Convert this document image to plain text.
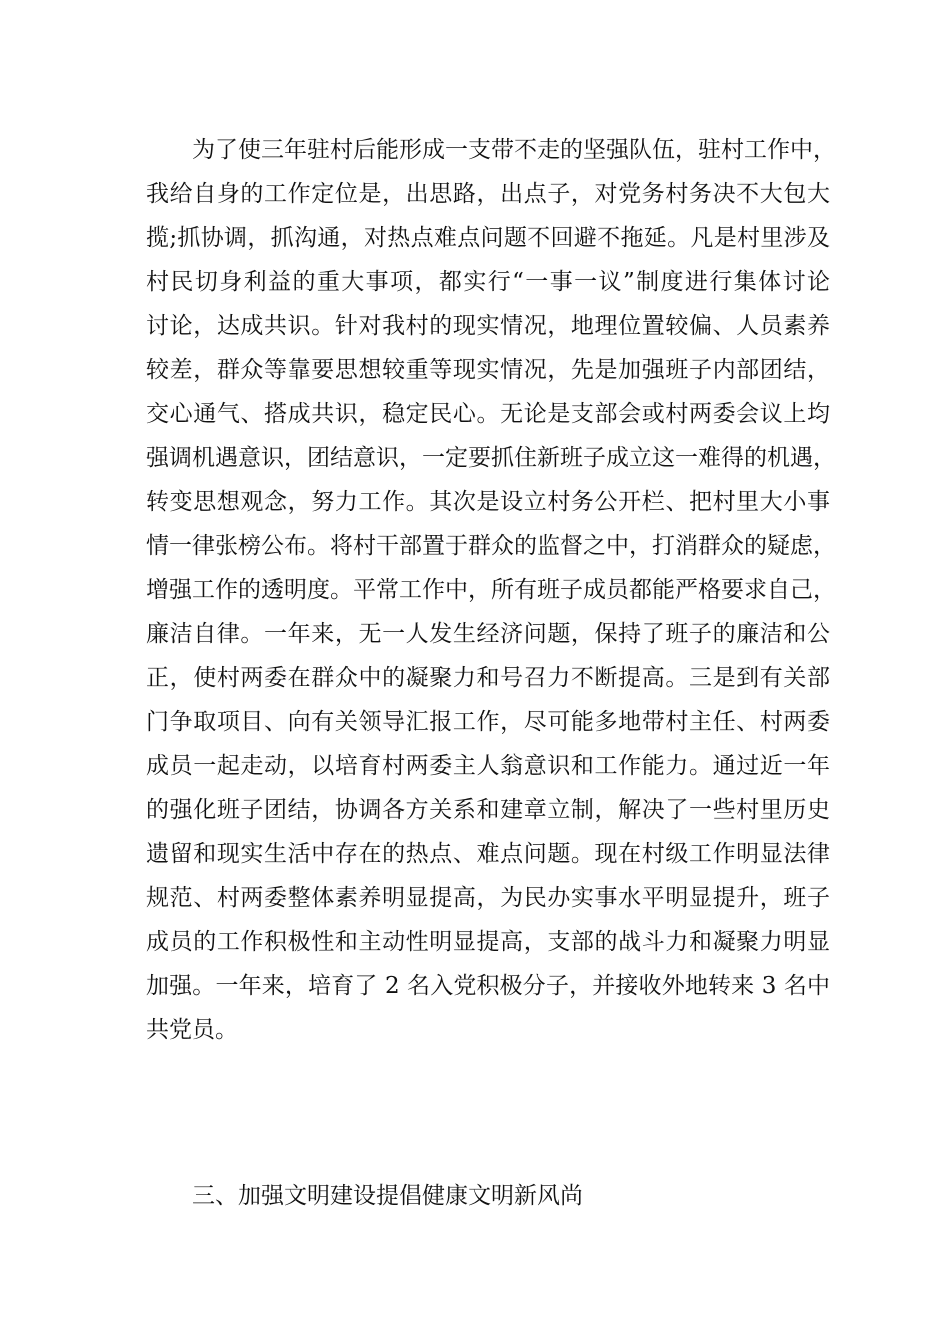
为了使三年驻村后能形成一支带不走的坚强队伍，驻村工作中，
我给自身的工作定位是，出思路，出点子，对党务村务决不大包大
揽;抓协调，抓沟通，对热点难点问题不回避不拖延。凡是村里涉及
村民切身利益的重大事项，都实行“一事一议”制度进行集体讨论
讨论，达成共识。针对我村的现实情况，地理位置较偏、人员素养
较差，群众等靠要思想较重等现实情况，先是加强班子内部团结，
交心通气、搭成共识，稳定民心。无论是支部会或村两委会议上均
强调机遇意识，团结意识，一定要抓住新班子成立这一难得的机遇，
转变思想观念，努力工作。其次是设立村务公开栏、把村里大小事
情一律张榜公布。将村干部置于群众的监督之中，打消群众的疑虑，
增强工作的透明度。平常工作中，所有班子成员都能严格要求自己，
廉洁自律。一年来，无一人发生经济问题，保持了班子的廉洁和公
正，使村两委在群众中的凝聚力和号召力不断提高。三是到有关部
门争取项目、向有关领导汇报工作，尽可能多地带村主任、村两委
成员一起走动，以培育村两委主人翁意识和工作能力。通过近一年
的强化班子团结，协调各方关系和建章立制，解决了一些村里历史
遗留和现实生活中存在的热点、难点问题。现在村级工作明显法律
规范、村两委整体素养明显提高，为民办实事水平明显提升，班子
成员的工作积极性和主动性明显提高，支部的战斗力和凝聚力明显
加强。一年来，培育了 2 名入党积极分子，并接收外地转来 3 名中
共党员。
三、加强文明建设提倡健康文明新风尚
